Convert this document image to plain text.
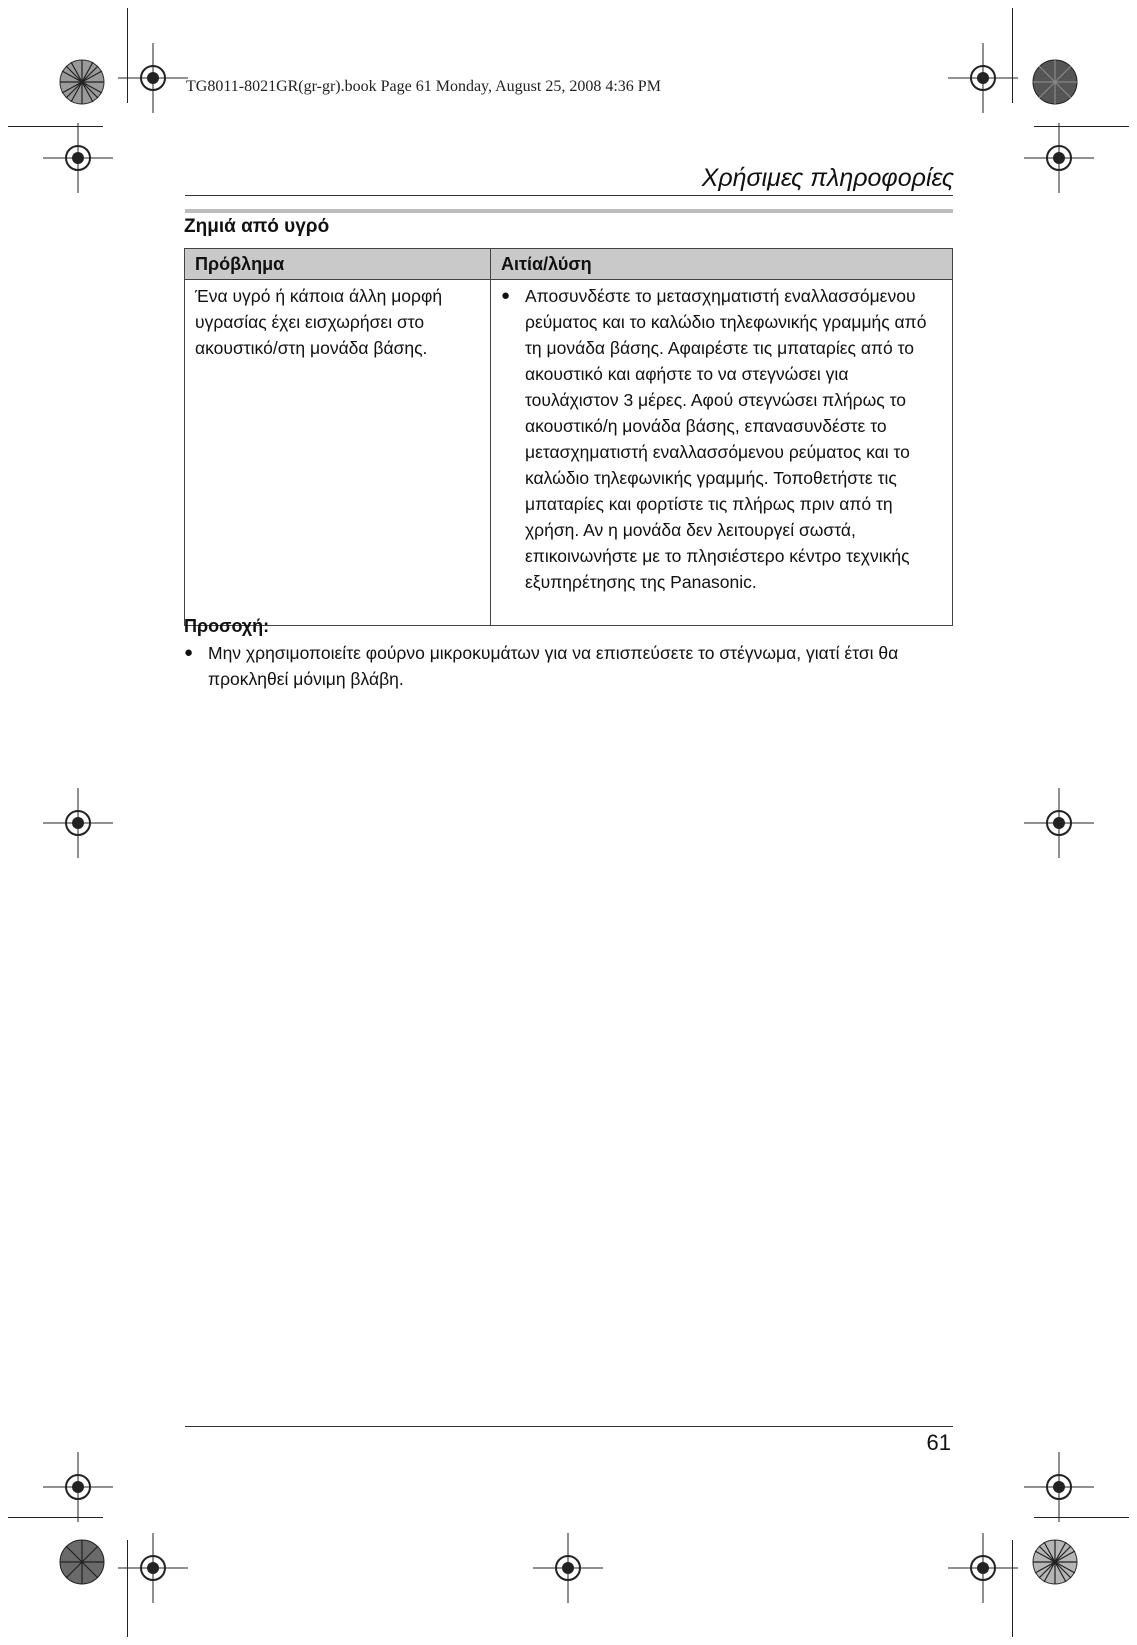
TG8011-8021GR(gr-gr).book Page 61 Monday, August 25, 2008 4:36 PM
Χρήσιμες πληροφορίες
Ζημιά από υγρό
Πρόβλημα	Αιτία/λύση
Ένα υγρό ή κάποια άλλη μορφή υγρασίας έχει εισχωρήσει στο ακουστικό/στη μονάδα βάσης.	● Αποσυνδέστε το μετασχηματιστή εναλλασσόμενου ρεύματος και το καλώδιο τηλεφωνικής γραμμής από τη μονάδα βάσης. Αφαιρέστε τις μπαταρίες από το ακουστικό και αφήστε το να στεγνώσει για τουλάχιστον 3 μέρες. Αφού στεγνώσει πλήρως το ακουστικό/η μονάδα βάσης, επανασυνδέστε το μετασχηματιστή εναλλασσόμενου ρεύματος και το καλώδιο τηλεφωνικής γραμμής. Τοποθετήστε τις μπαταρίες και φορτίστε τις πλήρως πριν από τη χρήση. Αν η μονάδα δεν λειτουργεί σωστά, επικοινωνήστε με το πλησιέστερο κέντρο τεχνικής εξυπηρέτησης της Panasonic.
Προσοχή:
● Μην χρησιμοποιείτε φούρνο μικροκυμάτων για να επισπεύσετε το στέγνωμα, γιατί έτσι θα προκληθεί μόνιμη βλάβη.
61
